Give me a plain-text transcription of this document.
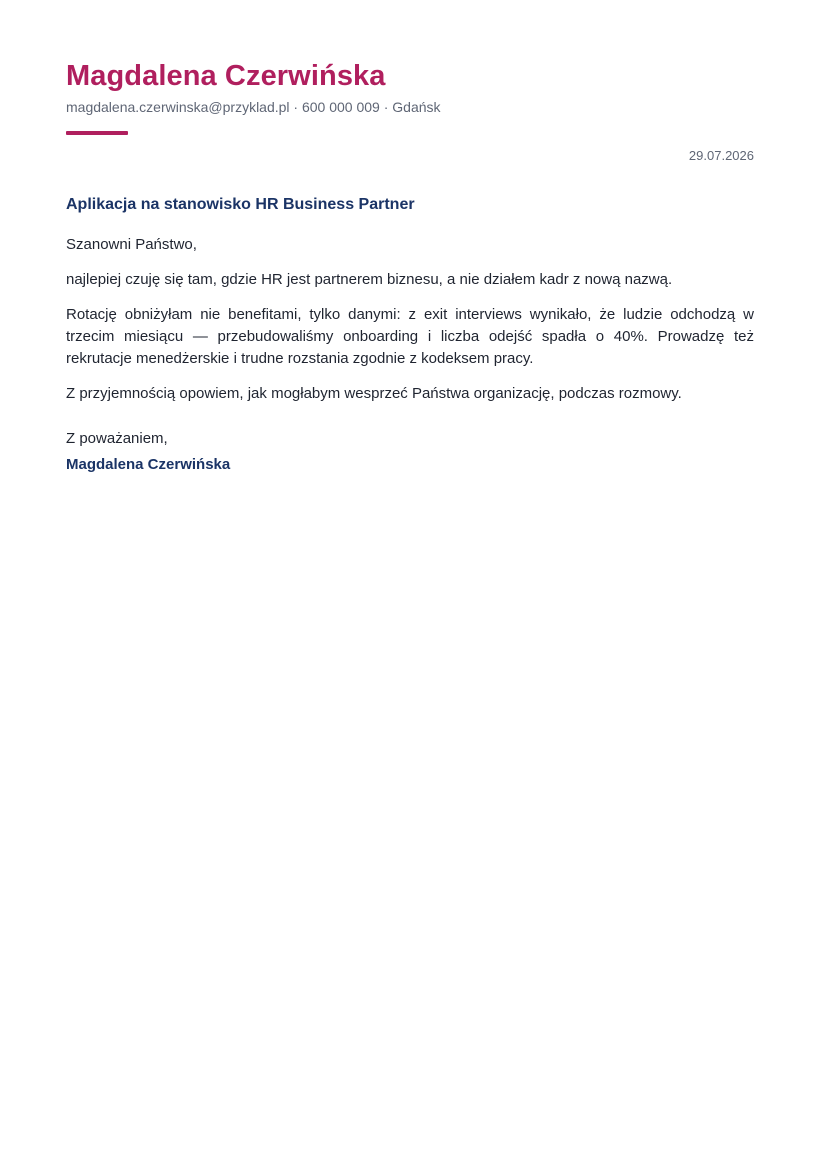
Magdalena Czerwińska
magdalena.czerwinska@przyklad.pl · 600 000 009 · Gdańsk
29.07.2026
Aplikacja na stanowisko HR Business Partner

Szanowni Państwo,

najlepiej czuję się tam, gdzie HR jest partnerem biznesu, a nie działem kadr z nową nazwą.

Rotację obniżyłam nie benefitami, tylko danymi: z exit interviews wynikało, że ludzie odchodzą w trzecim miesiącu — przebudowaliśmy onboarding i liczba odejść spadła o 40%. Prowadzę też rekrutacje menedżerskie i trudne rozstania zgodnie z kodeksem pracy.

Z przyjemnością opowiem, jak mogłabym wesprzeć Państwa organizację, podczas rozmowy.

Z poważaniem,
Magdalena Czerwińska
